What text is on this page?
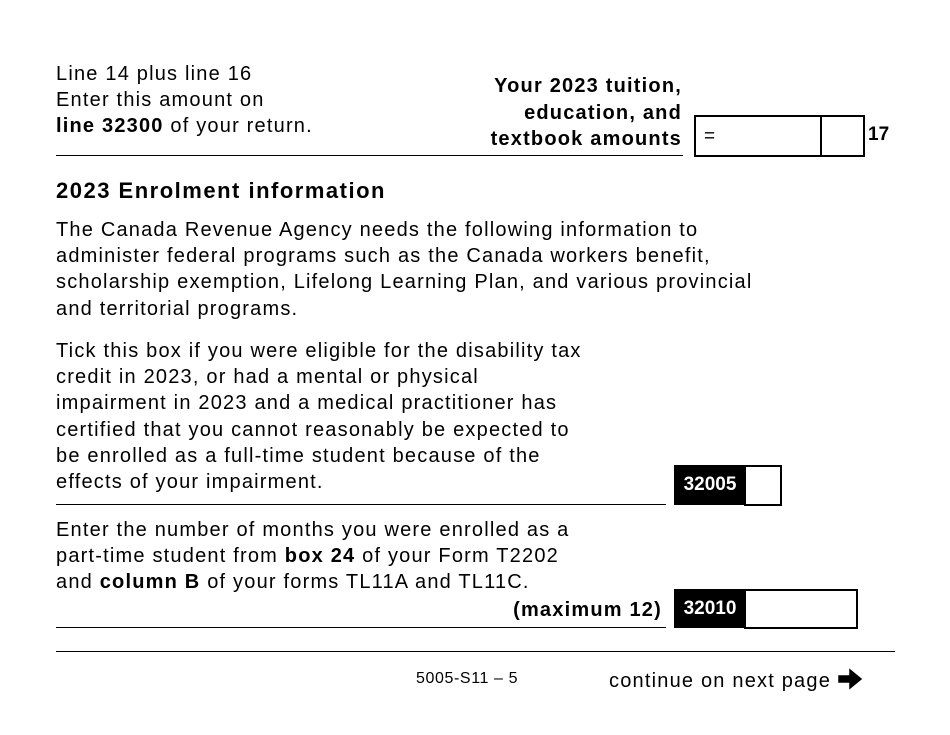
Line 14 plus line 16
Enter this amount on
line 32300 of your return.
Your 2023 tuition,
education, and
textbook amounts =	17
2023 Enrolment information
The Canada Revenue Agency needs the following information to
administer federal programs such as the Canada workers benefit,
scholarship exemption, Lifelong Learning Plan, and various provincial
and territorial programs.
Tick this box if you were eligible for the disability tax
credit in 2023, or had a mental or physical
impairment in 2023 and a medical practitioner has
certified that you cannot reasonably be expected to
be enrolled as a full-time student because of the
effects of your impairment.	32005
Enter the number of months you were enrolled as a
part-time student from box 24 of your Form T2202
and column B of your forms TL11A and TL11C.
(maximum 12)	32010
5005-S11 – 5	continue on next page
